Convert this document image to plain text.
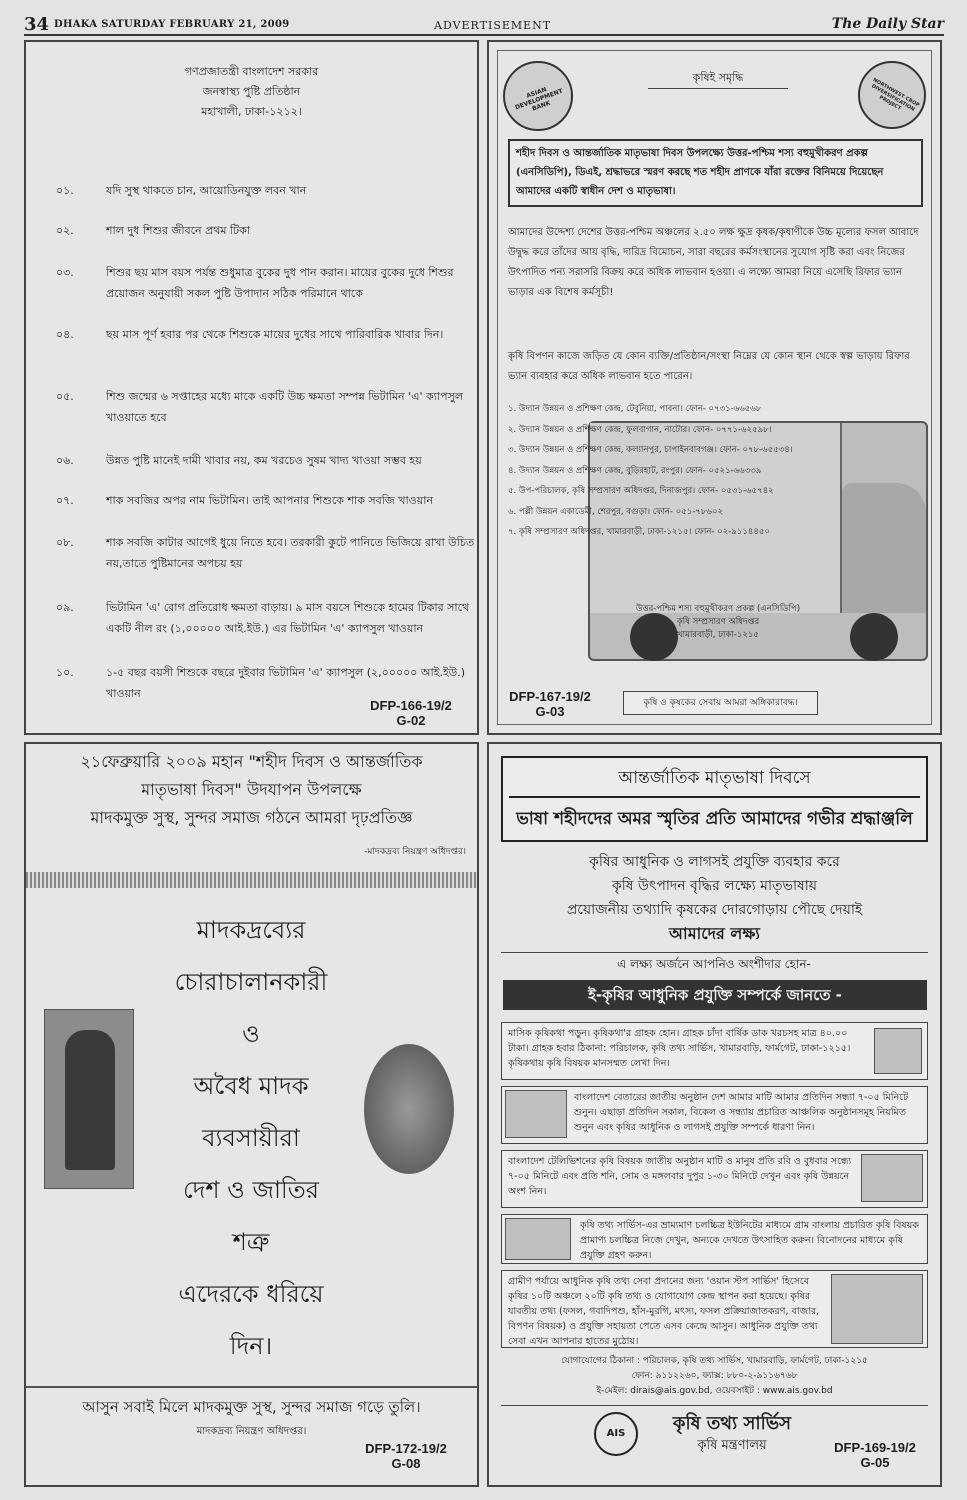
34 DHAKA SATURDAY FEBRUARY 21, 2009	ADVERTISEMENT	The Daily Star
গণপ্রজাতন্ত্রী বাংলাদেশ সরকার
জনস্বাস্থ্য পুষ্টি প্রতিষ্ঠান
মহাখালী, ঢাকা-১২১২।
০১.	যদি সুস্থ থাকতে চান, আয়োডিনযুক্ত লবন খান
০২.	শাল দুধ শিশুর জীবনে প্রথম টিকা
০৩.	শিশুর ছয় মাস বয়স পর্যন্ত শুধুমাত্র বুকের দুধ পান করান। মায়ের বুকের দুধে শিশুর প্রয়োজন অনুযায়ী সকল পুষ্টি উপাদান সঠিক পরিমানে থাকে
০৪.	ছয় মাস পূর্ণ হবার পর থেকে শিশুকে মায়ের দুধের সাথে পারিবারিক খাবার দিন।
০৫.	শিশু জন্মের ৬ সপ্তাহের মধ্যে মাকে একটি উচ্চ ক্ষমতা সম্পন্ন ভিটামিন 'এ' ক্যাপসুল খাওয়াতে হবে
০৬.	উন্নত পুষ্টি মানেই দামী খাবার নয়, কম খরচেও সুষম খাদ্য খাওয়া সম্ভব হয়
০৭.	শাক সবজির অপর নাম ভিটামিন। তাই আপনার শিশুকে শাক সবজি খাওয়ান
০৮.	শাক সবজি কাটার আগেই ধুয়ে নিতে হবে। তরকারী কুটে পানিতে ভিজিয়ে রাখা উচিত নয়,তাতে পুষ্টিমানের অপচয় হয়
০৯.	ভিটামিন 'এ' রোগ প্রতিরোধ ক্ষমতা বাড়ায়। ৯ মাস বয়সে শিশুকে হামের টিকার সাথে একটি নীল রং (১,০০০০০ আই.ইউ.) এর ভিটামিন 'এ' ক্যাপসুল খাওয়ান
১০.	১-৫ বছর বয়সী শিশুকে বছরে দুইবার ভিটামিন 'এ' ক্যাপসুল (২,০০০০০ আই.ইউ.) খাওয়ান
DFP-166-19/2
G-02
ASIAN DEVELOPMENT BANK
কৃষিই সমৃদ্ধি	NORTHWEST CROP DIVERSIFICATION PROJECT
শহীদ দিবস ও আন্তর্জাতিক মাতৃভাষা দিবস উপলক্ষ্যে উত্তর-পশ্চিম শস্য বহুমুখীকরণ প্রকল্প (এনসিডিপি), ডিএই, শ্রদ্ধাভরে স্মরণ করছে শত শহীদ প্রাণকে যাঁরা রক্তের বিনিময়ে দিয়েছেন আমাদের একটি স্বাধীন দেশ ও মাতৃভাষা।
আমাদের উদ্দেশ্য দেশের উত্তর-পশ্চিম অঞ্চলের ২.৫০ লক্ষ ক্ষুদ্র কৃষক/কৃষাণীকে উচ্চ মূল্যের ফসল আবাদে উদ্বুদ্ধ করে তাঁদের আয় বৃদ্ধি, দারিদ্র বিমোচন, সারা বছরের কর্মসংস্থানের সুযোগ সৃষ্টি করা এবং নিজের উৎপাদিত পন্য সরাসরি বিক্রয় করে অধিক লাভবান হওয়া। এ লক্ষ্যে আমরা নিয়ে এসেছি রিফার ভ্যান ভাড়ার এক বিশেষ কর্মসূচী!
কৃষি বিপণন কাজে জড়িত যে কোন ব্যক্তি/প্রতিষ্ঠান/সংস্থা নিম্নের যে কোন স্থান থেকে স্বল্প ভাড়ায় রিফার ভ্যান ব্যবহার করে অধিক লাভবান হতে পারেন।
১. উদ্যান উন্নয়ন ও প্রশিক্ষণ কেন্দ্র, টেবুনিয়া, পাবনা। ফোন- ০৭৩১-৬৬৫৬৮
২. উদ্যান উন্নয়ন ও প্রশিক্ষণ কেন্দ্র, ফুলবাগান, নাটোর। ফোন- ০৭৭১-৬২৫৯৮।
৩. উদ্যান উন্নয়ন ও প্রশিক্ষণ কেন্দ্র, কল্যানপুর, চাপাইনবাবগঞ্জ। ফোন- ০৭৮-৬৫৫৩৪।
৪. উদ্যান উন্নয়ন ও প্রশিক্ষণ কেন্দ্র, বুড়িরহাট, রংপুর। ফোন- ০৫২১-৬৬৩৩৯
৫. উপ-পরিচালক, কৃষি সম্প্রসারণ অধিদপ্তর, দিনাজপুর। ফোন- ০৫৩১-৬৫৭৪২
৬. পল্লী উন্নয়ন একাডেমী, শেরপুর, বগুড়া। ফোন- ০৫১-৭৮৬০২
৭. কৃষি সম্প্রসারণ অধিদপ্তর, খামারবাড়ী, ঢাকা-১২১৫। ফোন- ০২-৯১১৪৪৫০
উত্তর-পশ্চিম শস্য বহুমুখীকরণ প্রকল্প (এনসিডিপি)
কৃষি সম্প্রসারণ অধিদপ্তর
খামারবাড়ী, ঢাকা-১২১৫
DFP-167-19/2
G-03
কৃষি ও কৃষকের সেবায় আমরা অঙ্গিকারাবদ্ধ।
২১ফেব্রুয়ারি ২০০৯ মহান "শহীদ দিবস ও আন্তর্জাতিক
মাতৃভাষা দিবস" উদযাপন উপলক্ষে
মাদকমুক্ত সুস্থ, সুন্দর সমাজ গঠনে আমরা দৃঢ়প্রতিজ্ঞ
-মাদকদ্রব্য নিয়ন্ত্রণ অধিদপ্তর।
মাদকদ্রব্যের
চোরাচালানকারী
ও
অবৈধ মাদক
ব্যবসায়ীরা
দেশ ও জাতির
শত্রু
এদেরকে ধরিয়ে
দিন।
আসুন সবাই মিলে মাদকমুক্ত সুস্থ, সুন্দর সমাজ গড়ে তুলি।
মাদকদ্রব্য নিয়ন্ত্রণ অধিদপ্তর।
DFP-172-19/2
G-08
আন্তর্জাতিক মাতৃভাষা দিবসে
ভাষা শহীদদের অমর স্মৃতির প্রতি আমাদের গভীর শ্রদ্ধাঞ্জলি
কৃষির আধুনিক ও লাগসই প্রযুক্তি ব্যবহার করে
কৃষি উৎপাদন বৃদ্ধির লক্ষ্যে মাতৃভাষায়
প্রয়োজনীয় তথ্যাদি কৃষকের দোরগোড়ায় পৌছে দেয়াই
আমাদের লক্ষ্য
এ লক্ষ্য অর্জনে আপনিও অংশীদার হোন-
ই-কৃষির আধুনিক প্রযুক্তি সম্পর্কে জানতে -
মাসিক কৃষিকথা পড়ুন। কৃষিকথা'র গ্রাহক হোন। গ্রাহক চাঁদা বার্ষিক ডাক খরচসহ মাত্র ৪০.০০ টাকা। গ্রাহক হবার ঠিকানা: পরিচালক, কৃষি তথ্য সার্ভিস, খামারবাড়ি, ফার্মগেট, ঢাকা-১২১৫। কৃষিকথায় কৃষি বিষয়ক মানসম্মত লেখা দিন।
বাংলাদেশ বেতারের জাতীয় অনুষ্ঠান দেশ আমার মাটি আমার প্রতিদিন সন্ধ্যা ৭-০৫ মিনিটে শুনুন। এছাড়া প্রতিদিন সকাল, বিকেল ও সন্ধ্যায় প্রচারিত আঞ্চলিক অনুষ্ঠানসমূহ নিয়মিত শুনুন এবং কৃষির আধুনিক ও লাগসই প্রযুক্তি সম্পর্কে ধারণা নিন।
বাংলাদেশ টেলিভিশনের কৃষি বিষয়ক জাতীয় অনুষ্ঠান মাটি ও মানুষ প্রতি রবি ও বুধবার সন্ধ্যে ৭-০৫ মিনিটে এবং প্রতি শনি, সোম ও মঙ্গলবার দুপুর ১-৩০ মিনিটে দেখুন এবং কৃষি উন্নয়নে অংশ নিন।
কৃষি তথ্য সার্ভিস-এর ভ্রাম্যমাণ চলচ্চিত্র ইউনিটের মাধ্যমে গ্রাম বাংলায় প্রচারিত কৃষি বিষয়ক প্রামাণ্য চলচ্চিত্র নিজে দেখুন, অন্যকে দেখতে উৎসাহিত করুন। বিনোদনের মাধ্যমে কৃষি প্রযুক্তি গ্রহণ করুন।
গ্রামীণ পর্যায়ে আধুনিক কৃষি তথ্য সেবা প্রদানের জন্য 'ওয়ান স্টপ সার্ভিস' হিসেবে কৃষির ১০টি অঞ্চলে ২০টি কৃষি তথ্য ও যোগাযোগ কেন্দ্র স্থাপন করা হয়েছে। কৃষির যাবতীয় তথ্য (ফসল, গবাদিপশু, হাঁস-মুরগি, মৎস্য, ফসল প্রক্রিয়াজাতকরণ, বাজার, বিপণন বিষয়ক) ও প্রযুক্তি সহায়তা পেতে এসব কেন্দ্রে আসুন। আধুনিক প্রযুক্তি তথ্য সেবা এখন আপনার হাতের মুঠোয়।
যোগাযোগের ঠিকানা : পরিচালক, কৃষি তথ্য সার্ভিস, খামারবাড়ি, ফার্মগেট, ঢাকা-১২১৫
ফোন: ৯১১২২৬০, ফ্যাক্স: ৮৮০-২-৯১১৬৭৬৮
ই-মেইল: dirais@ais.gov.bd, ওয়েবসাইট : www.ais.gov.bd
AIS	কৃষি তথ্য সার্ভিস
কৃষি মন্ত্রণালয়	DFP-169-19/2
G-05
